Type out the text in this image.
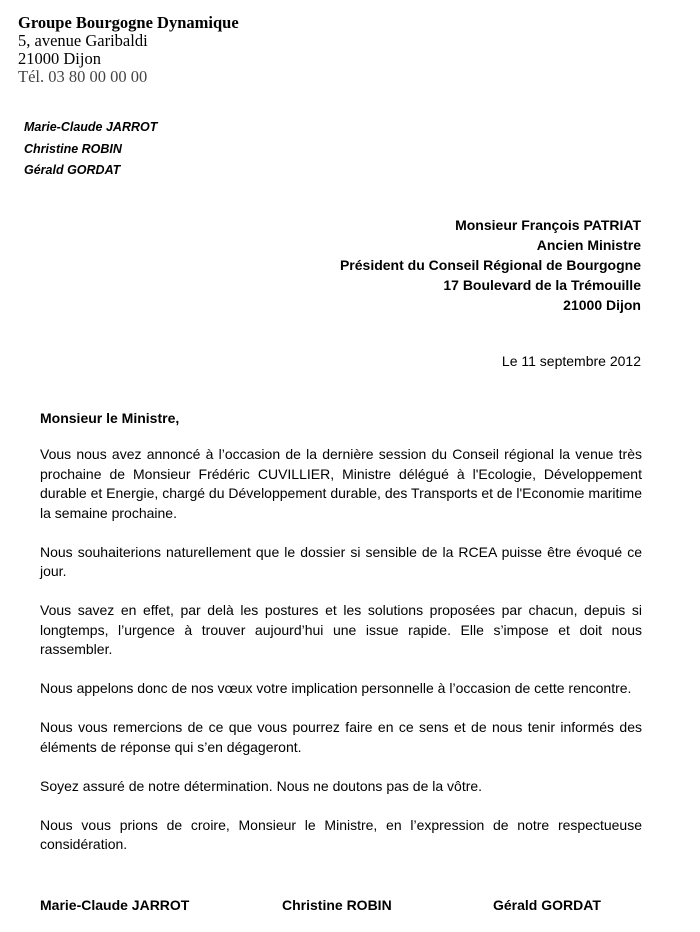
Groupe Bourgogne Dynamique
5, avenue Garibaldi
21000 Dijon
Tél. 03 80 00 00 00
Marie-Claude JARROT
Christine ROBIN
Gérald GORDAT
Monsieur François PATRIAT
Ancien Ministre
Président du Conseil Régional de Bourgogne
17 Boulevard de la Trémouille
21000 Dijon
Le 11 septembre 2012
Monsieur le Ministre,

Vous nous avez annoncé à l’occasion de la dernière session du Conseil régional la venue très prochaine de Monsieur Frédéric CUVILLIER, Ministre délégué à l'Ecologie, Développement durable et Energie, chargé du Développement durable, des Transports et de l'Economie maritime la semaine prochaine.

Nous souhaiterions naturellement que le dossier si sensible de la RCEA puisse être évoqué ce jour.

Vous savez en effet, par delà les postures et les solutions proposées par chacun, depuis si longtemps, l’urgence à trouver aujourd’hui une issue rapide. Elle s’impose et doit nous rassembler.

Nous appelons donc de nos vœux votre implication personnelle à l’occasion de cette rencontre.

Nous vous remercions de ce que vous pourrez faire en ce sens et de nous tenir informés des éléments de réponse qui s’en dégageront.

Soyez assuré de notre détermination. Nous ne doutons pas de la vôtre.

Nous vous prions de croire, Monsieur le Ministre, en l’expression de notre respectueuse considération.

Marie-Claude JARROT	Christine ROBIN	Gérald GORDAT
